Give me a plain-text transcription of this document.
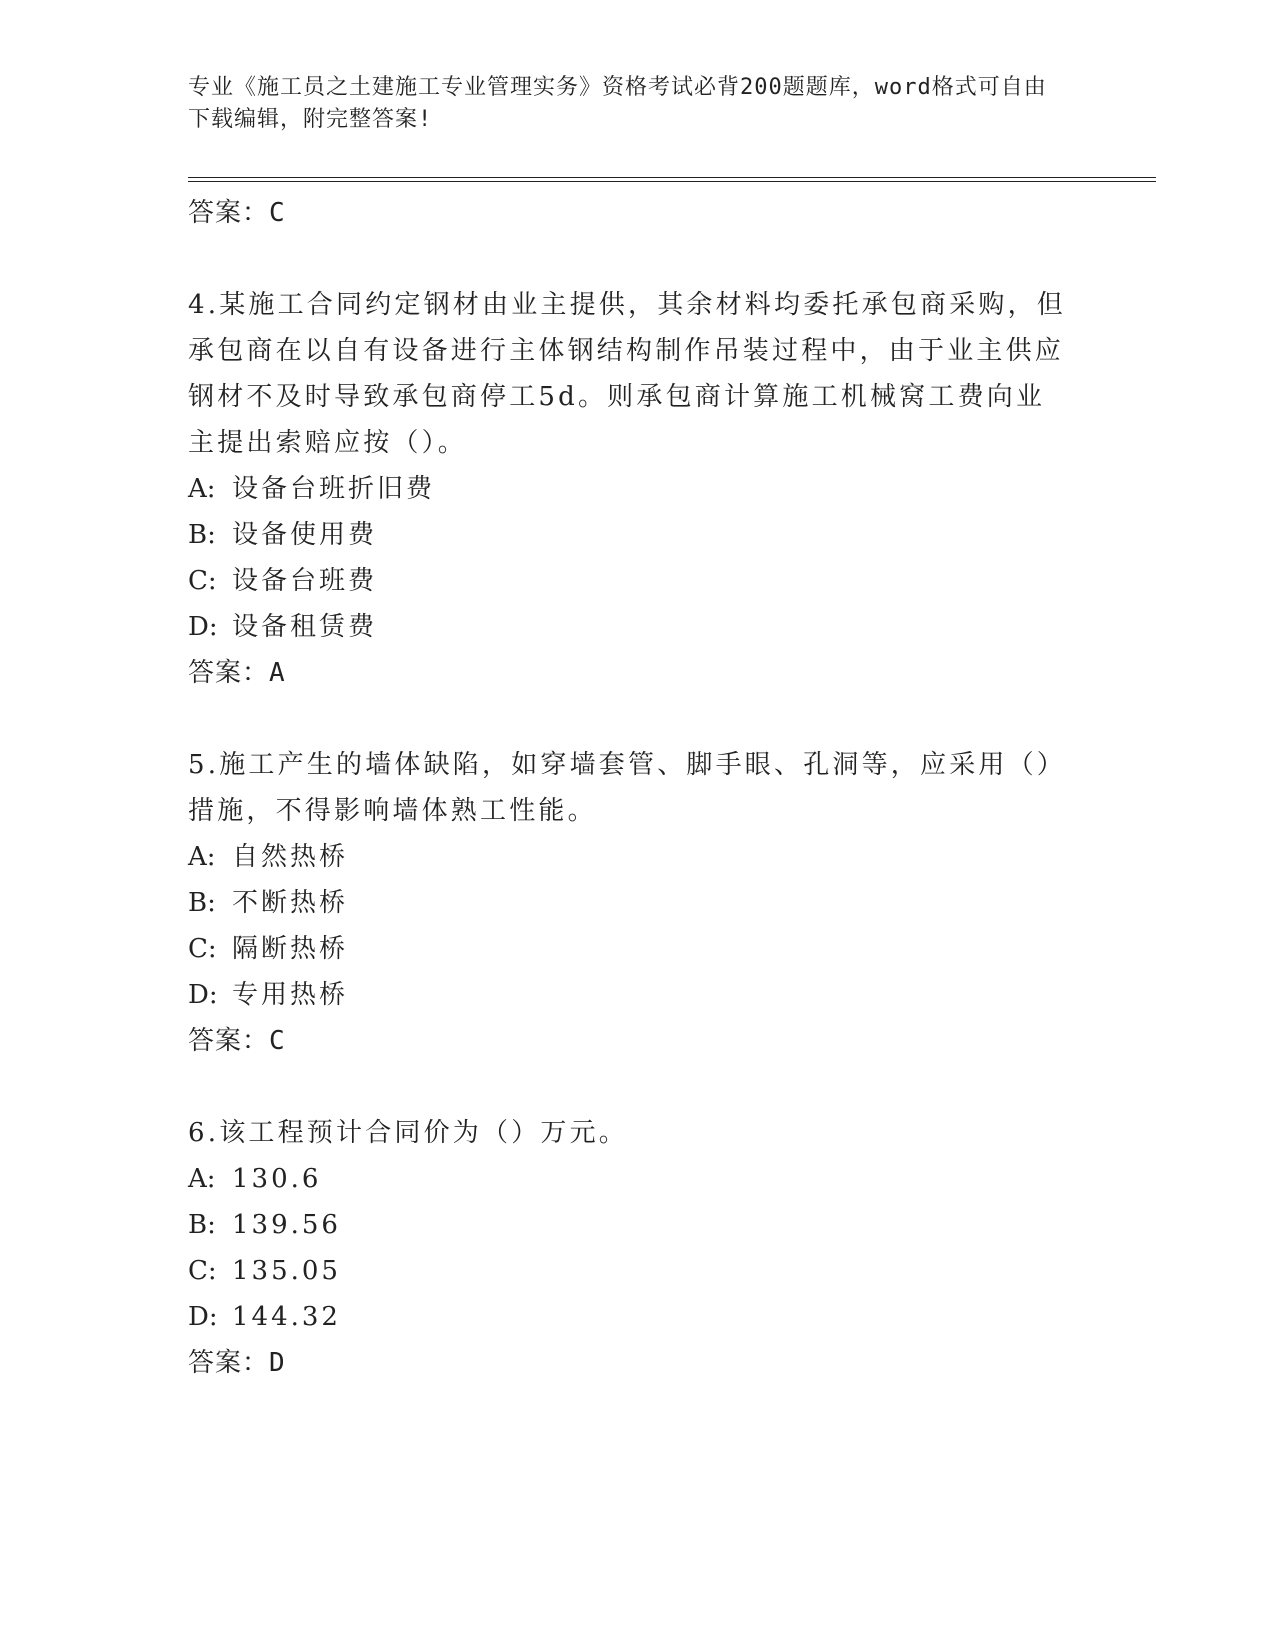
专业《施工员之土建施工专业管理实务》资格考试必背200题题库，word格式可自由下载编辑，附完整答案!
答案：C
4.某施工合同约定钢材由业主提供，其余材料均委托承包商采购，但承包商在以自有设备进行主体钢结构制作吊装过程中，由于业主供应钢材不及时导致承包商停工5d。则承包商计算施工机械窝工费向业主提出索赔应按（）。
A: 设备台班折旧费
B: 设备使用费
C: 设备台班费
D: 设备租赁费
答案：A
5.施工产生的墙体缺陷，如穿墙套管、脚手眼、孔洞等，应采用（）措施，不得影响墙体熟工性能。
A: 自然热桥
B: 不断热桥
C: 隔断热桥
D: 专用热桥
答案：C
6.该工程预计合同价为（）万元。
A: 130.6
B: 139.56
C: 135.05
D: 144.32
答案：D
